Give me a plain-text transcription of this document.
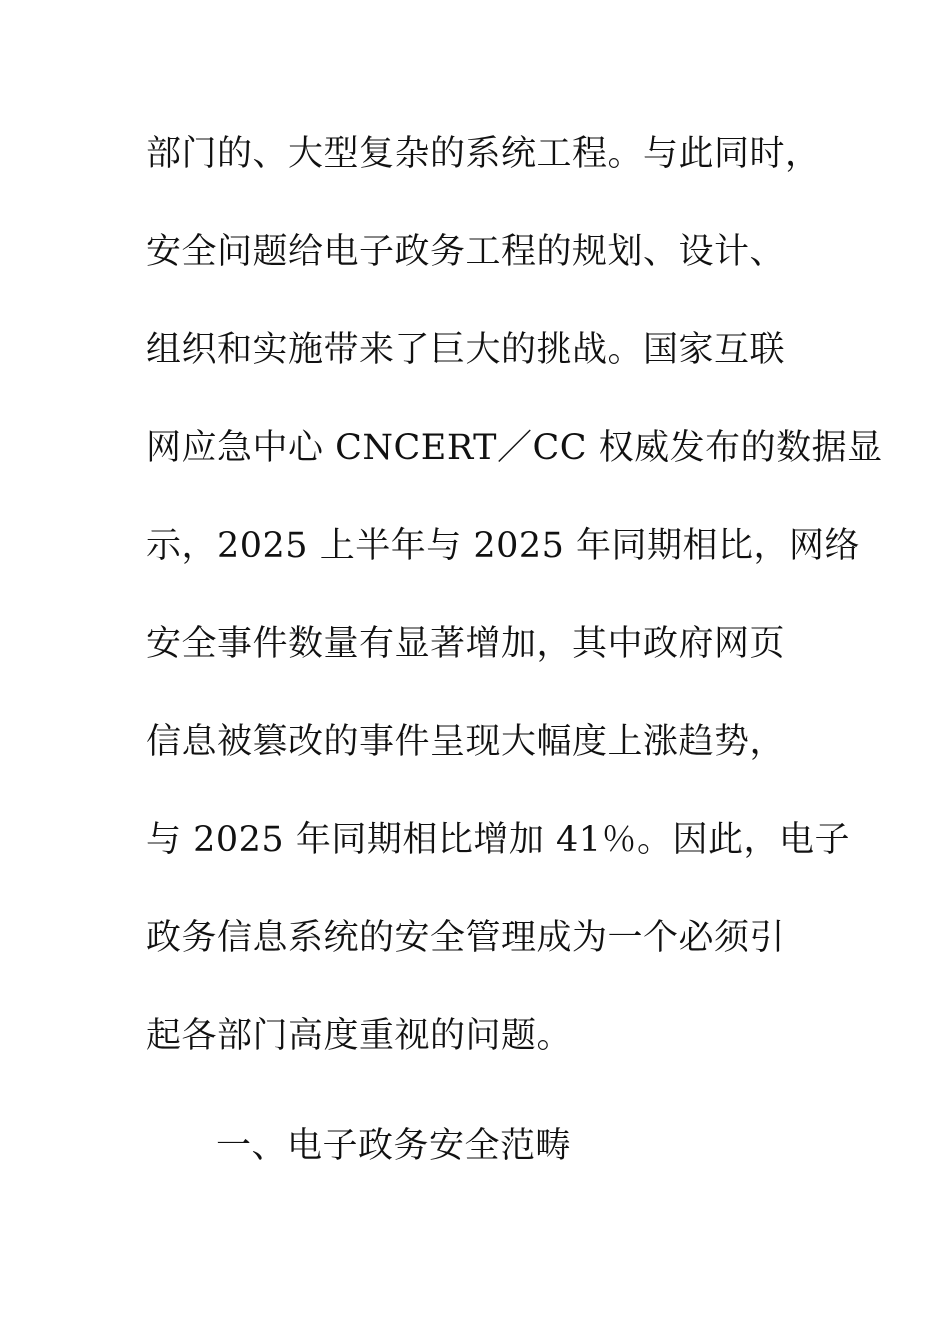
部门的、大型复杂的系统工程。与此同时，
安全问题给电子政务工程的规划、设计、
组织和实施带来了巨大的挑战。国家互联
网应急中心 CNCERT／CC 权威发布的数据显
示，2025 上半年与 2025 年同期相比，网络
安全事件数量有显著增加，其中政府网页
信息被篡改的事件呈现大幅度上涨趋势，
与 2025 年同期相比增加 41％。因此，电子
政务信息系统的安全管理成为一个必须引
起各部门高度重视的问题。
一、电子政务安全范畴
